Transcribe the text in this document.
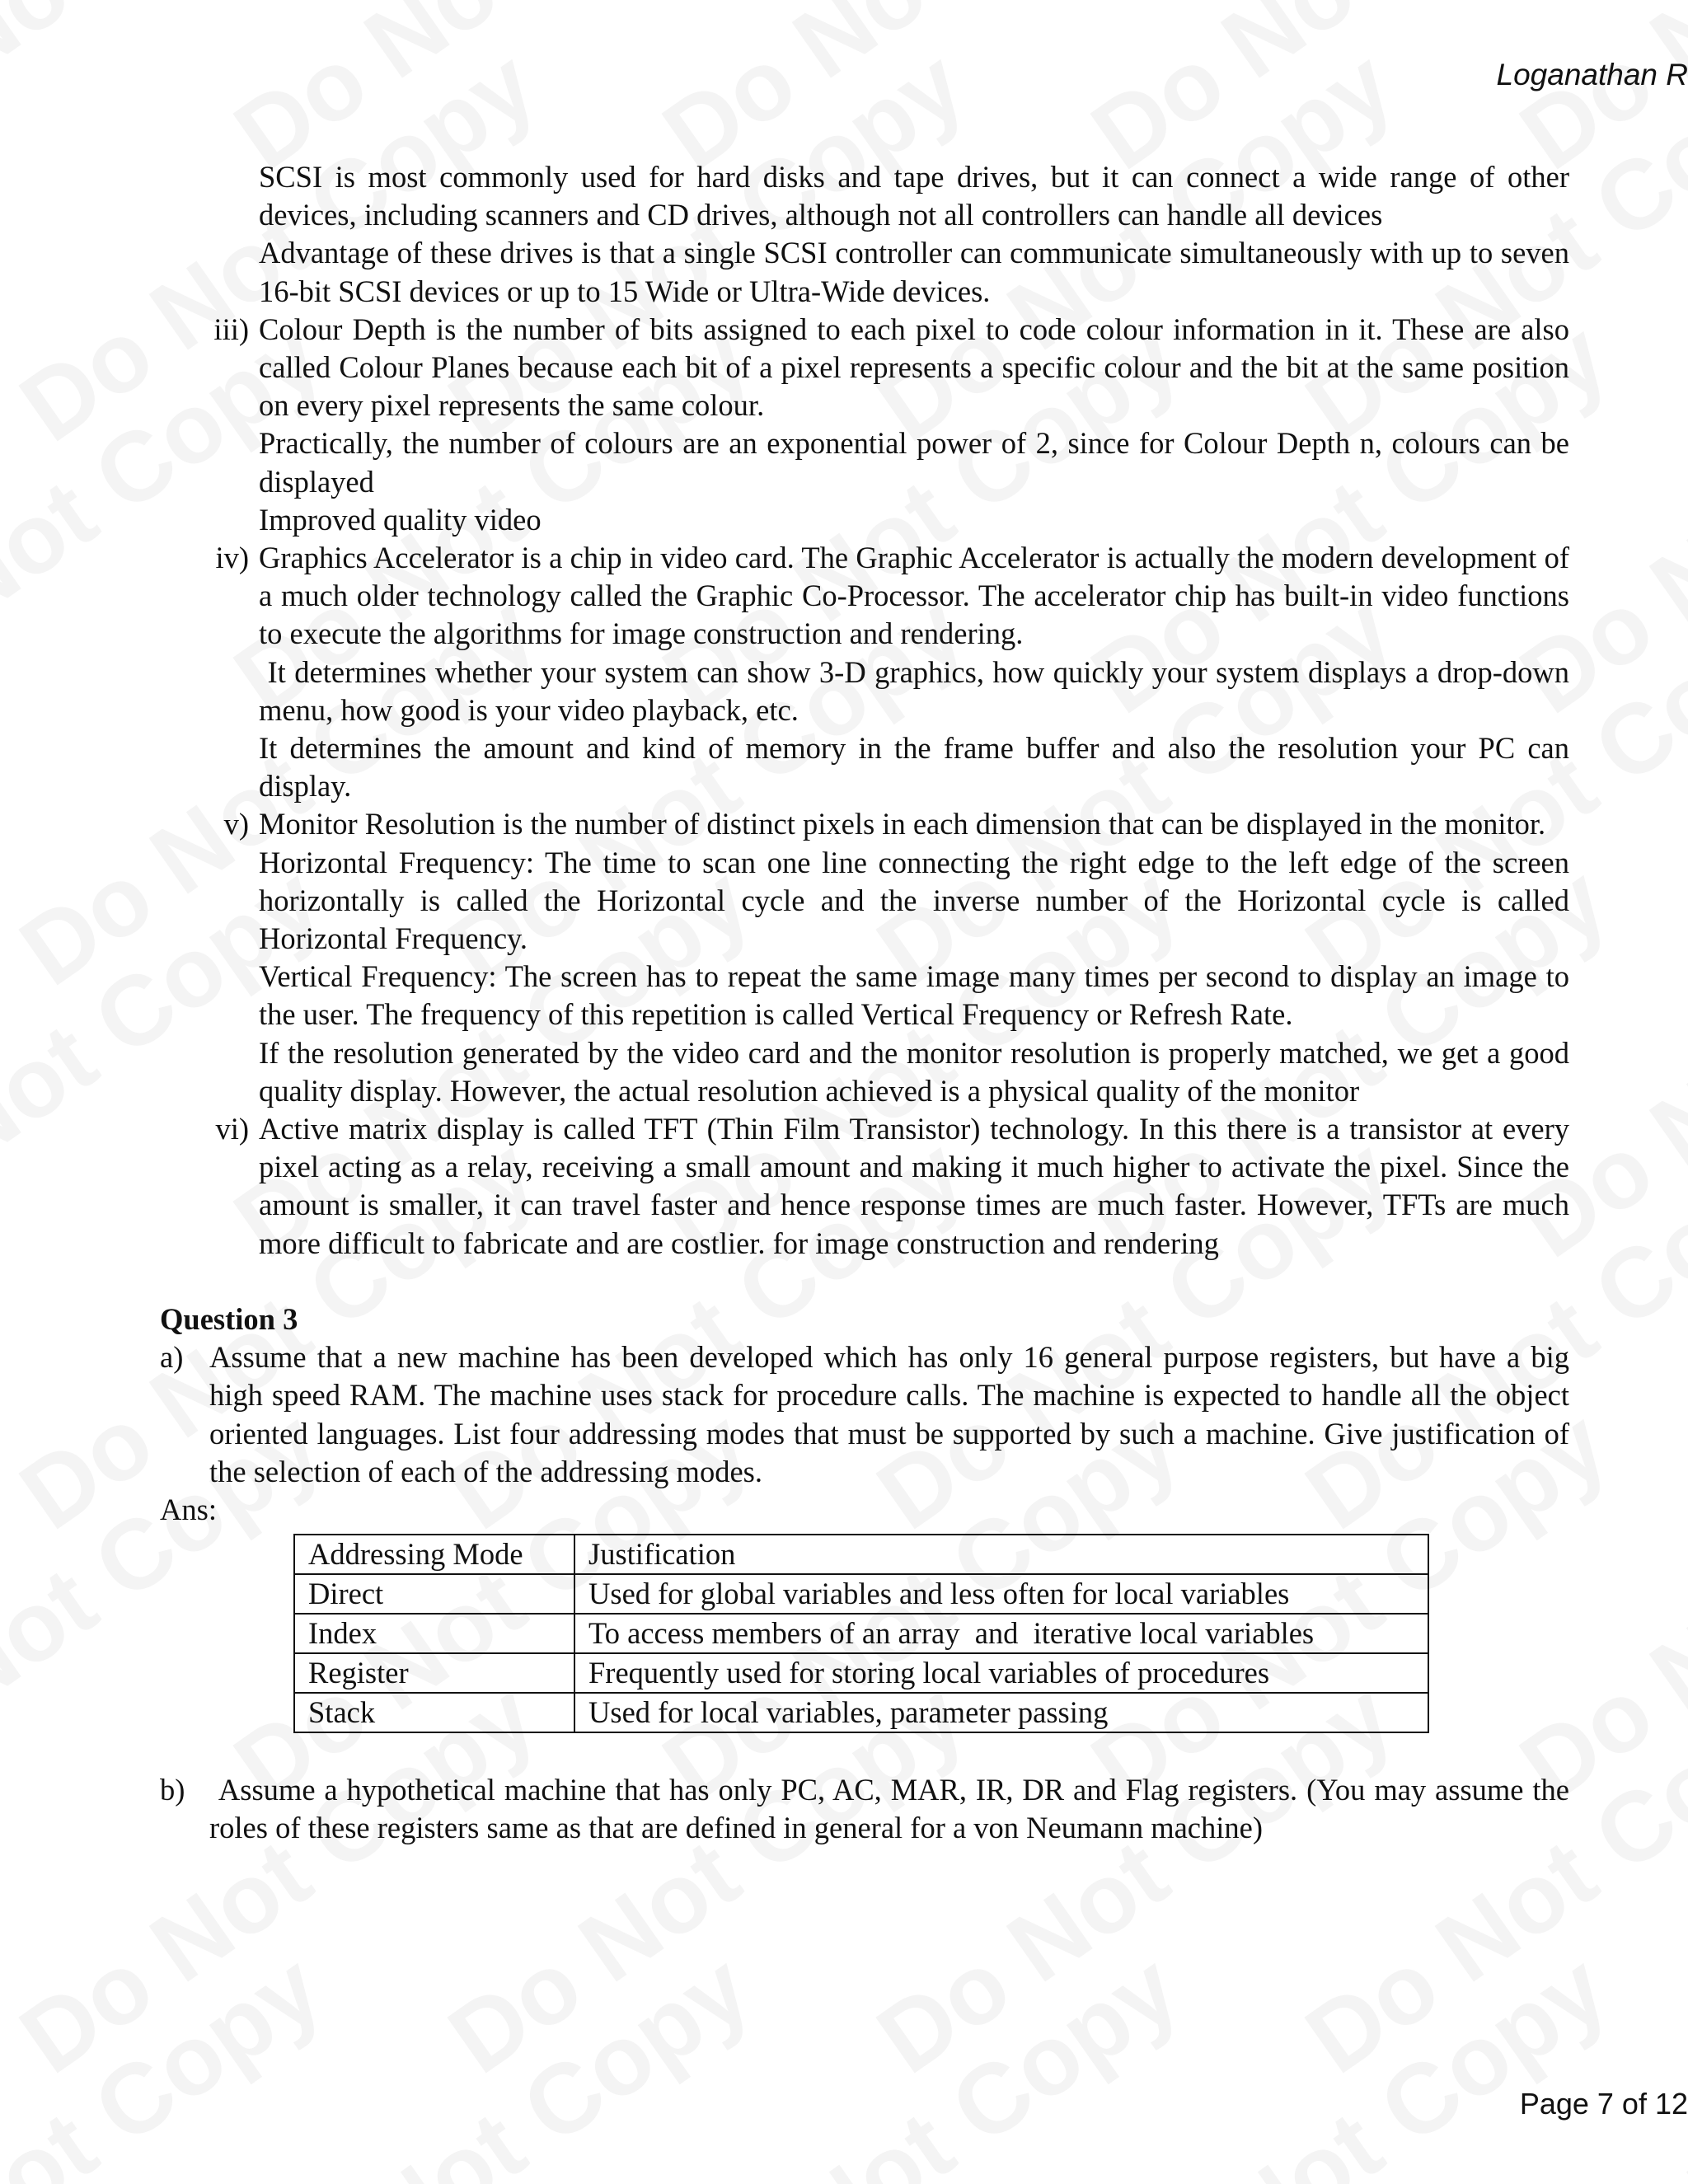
Loganathan R
SCSI is most commonly used for hard disks and tape drives, but it can connect a wide range of other devices, including scanners and CD drives, although not all controllers can handle all devices
Advantage of these drives is that a single SCSI controller can communicate simultaneously with up to seven 16-bit SCSI devices or up to 15 Wide or Ultra-Wide devices.
iii) Colour Depth is the number of bits assigned to each pixel to code colour information in it. These are also called Colour Planes because each bit of a pixel represents a specific colour and the bit at the same position on every pixel represents the same colour.
Practically, the number of colours are an exponential power of 2, since for Colour Depth n, colours can be displayed
Improved quality video
iv) Graphics Accelerator is a chip in video card. The Graphic Accelerator is actually the modern development of a much older technology called the Graphic Co-Processor. The accelerator chip has built-in video functions to execute the algorithms for image construction and rendering.
It determines whether your system can show 3-D graphics, how quickly your system displays a drop-down menu, how good is your video playback, etc.
It determines the amount and kind of memory in the frame buffer and also the resolution your PC can display.
v) Monitor Resolution is the number of distinct pixels in each dimension that can be displayed in the monitor.
Horizontal Frequency: The time to scan one line connecting the right edge to the left edge of the screen horizontally is called the Horizontal cycle and the inverse number of the Horizontal cycle is called Horizontal Frequency.
Vertical Frequency: The screen has to repeat the same image many times per second to display an image to the user. The frequency of this repetition is called Vertical Frequency or Refresh Rate.
If the resolution generated by the video card and the monitor resolution is properly matched, we get a good quality display. However, the actual resolution achieved is a physical quality of the monitor
vi) Active matrix display is called TFT (Thin Film Transistor) technology. In this there is a transistor at every pixel acting as a relay, receiving a small amount and making it much higher to activate the pixel. Since the amount is smaller, it can travel faster and hence response times are much faster. However, TFTs are much more difficult to fabricate and are costlier. for image construction and rendering
Question 3
a) Assume that a new machine has been developed which has only 16 general purpose registers, but have a big high speed RAM. The machine uses stack for procedure calls. The machine is expected to handle all the object oriented languages. List four addressing modes that must be supported by such a machine. Give justification of the selection of each of the addressing modes.
Ans:
Addressing Mode	Justification
Direct	Used for global variables and less often for local variables
Index	To access members of an array  and  iterative local variables
Register	Frequently used for storing local variables of procedures
Stack	Used for local variables, parameter passing
b) Assume a hypothetical machine that has only PC, AC, MAR, IR, DR and Flag registers. (You may assume the roles of these registers same as that are defined in general for a von Neumann machine)
Page 7 of 12
